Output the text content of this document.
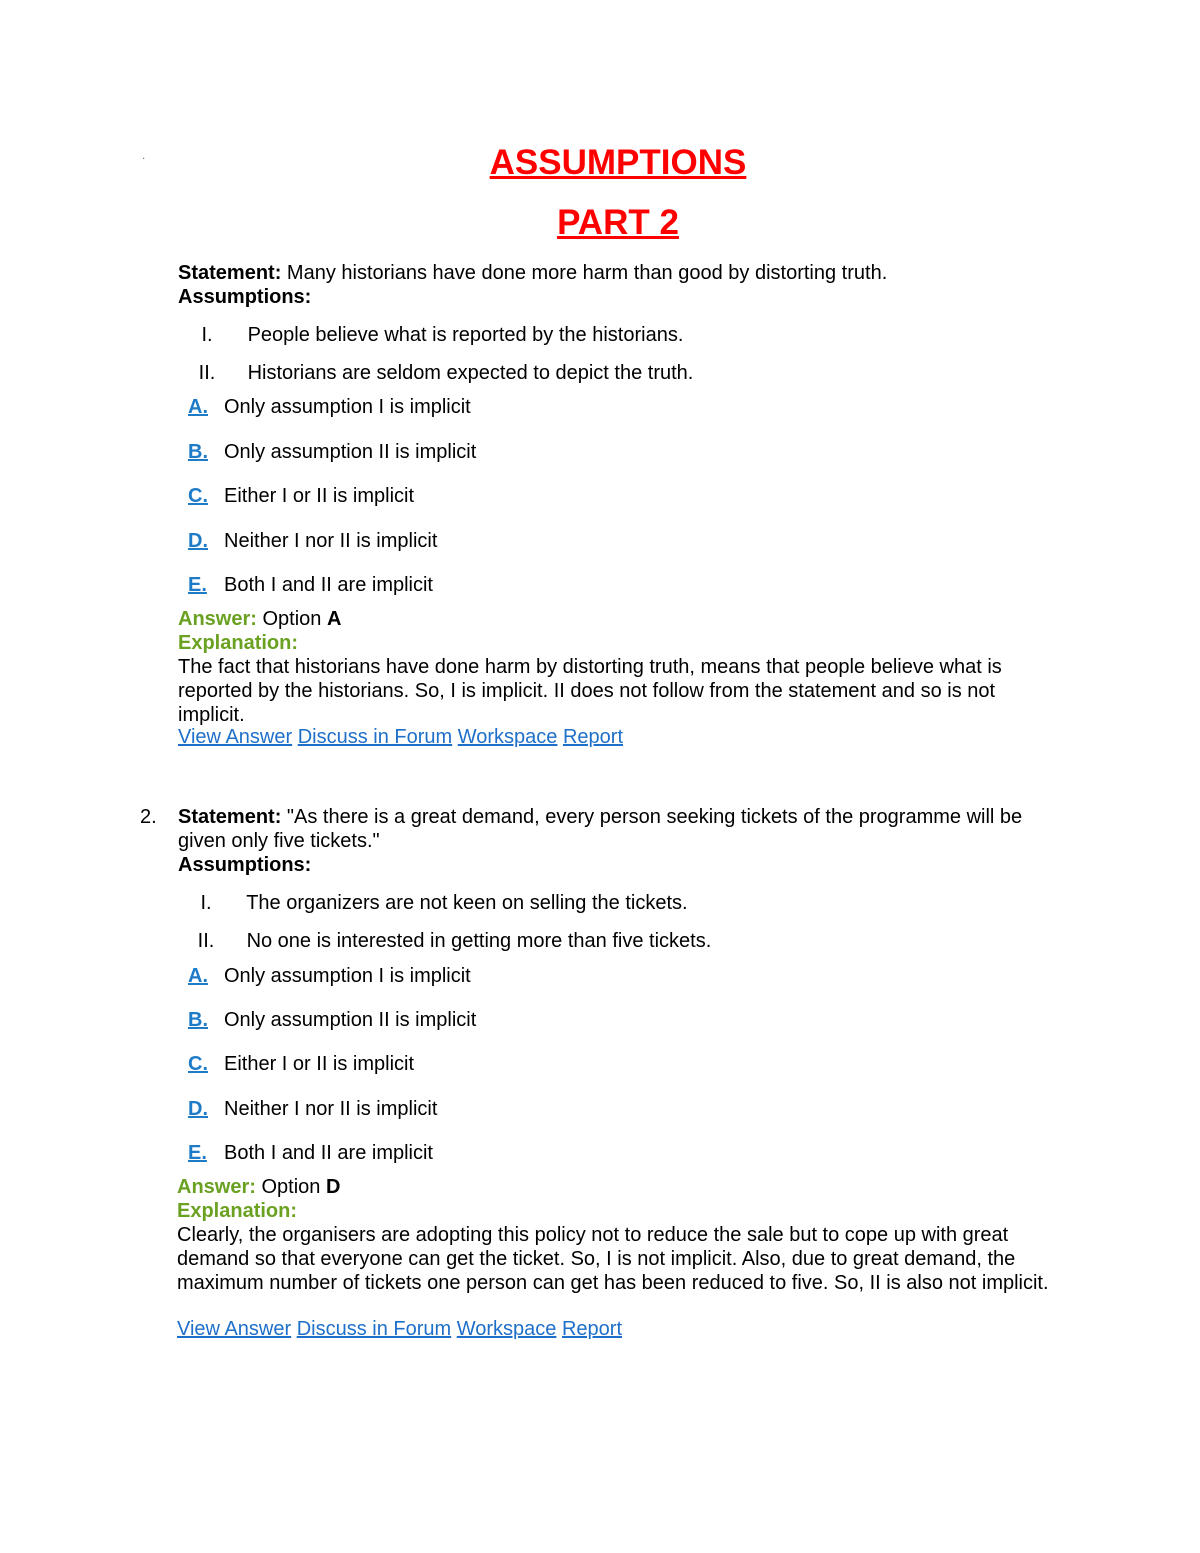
.	ASSUMPTIONS
PART 2
Statement: Many historians have done more harm than good by distorting truth.
Assumptions:
I. People believe what is reported by the historians.
II. Historians are seldom expected to depict the truth.
A. Only assumption I is implicit
B. Only assumption II is implicit
C. Either I or II is implicit
D. Neither I nor II is implicit
E. Both I and II are implicit
Answer: Option A
Explanation:
The fact that historians have done harm by distorting truth, means that people believe what is reported by the historians. So, I is implicit. II does not follow from the statement and so is not implicit.
View Answer Discuss in Forum Workspace Report
2. Statement: "As there is a great demand, every person seeking tickets of the programme will be given only five tickets."
Assumptions:
I. The organizers are not keen on selling the tickets.
II. No one is interested in getting more than five tickets.
A. Only assumption I is implicit
B. Only assumption II is implicit
C. Either I or II is implicit
D. Neither I nor II is implicit
E. Both I and II are implicit
Answer: Option D
Explanation:
Clearly, the organisers are adopting this policy not to reduce the sale but to cope up with great demand so that everyone can get the ticket. So, I is not implicit. Also, due to great demand, the maximum number of tickets one person can get has been reduced to five. So, II is also not implicit.
View Answer Discuss in Forum Workspace Report
